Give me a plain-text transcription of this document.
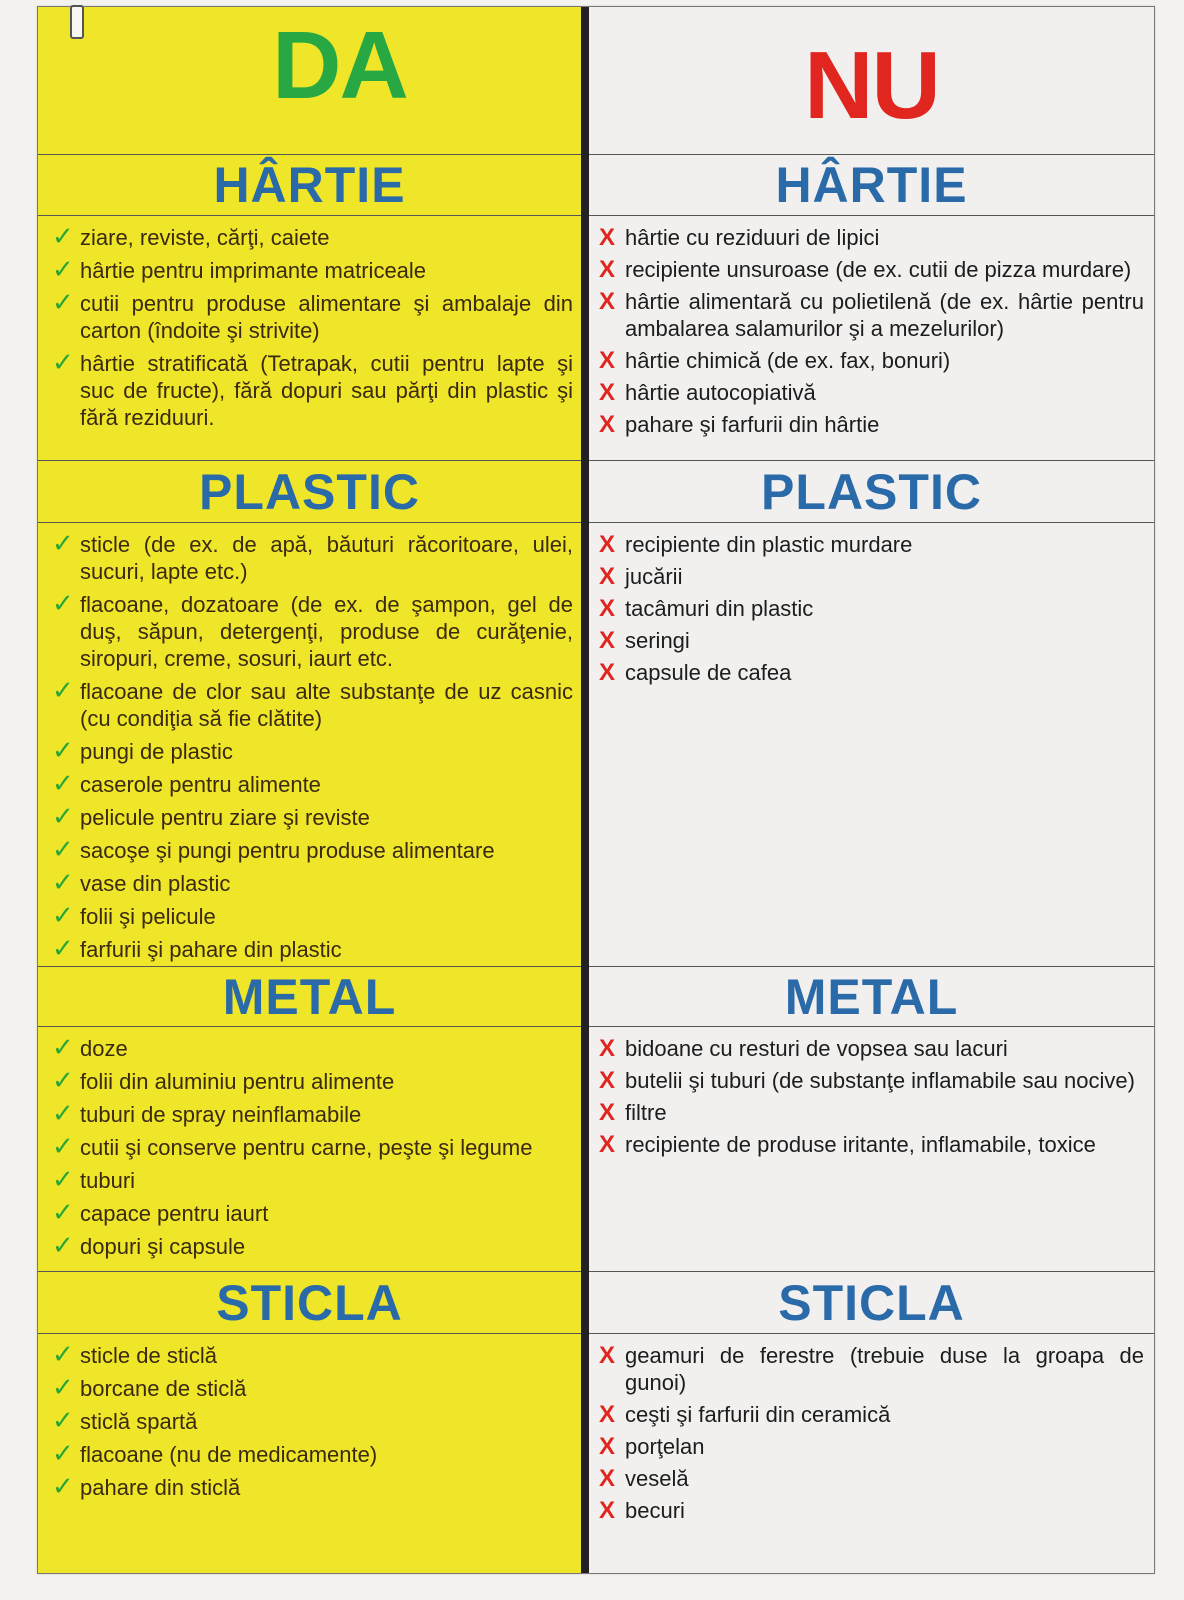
DA
HÂRTIE
✓ ziare, reviste, cărţi, caiete
✓ hârtie pentru imprimante matriceale
✓ cutii pentru produse alimentare şi ambalaje din carton (îndoite şi strivite)
✓ hârtie stratificată (Tetrapak, cutii pentru lapte şi suc de fructe), fără dopuri sau părţi din plastic şi fără reziduuri.
PLASTIC
✓ sticle (de ex. de apă, băuturi răcoritoare, ulei, sucuri, lapte etc.)
✓ flacoane, dozatoare (de ex. de şampon, gel de duş, săpun, detergenţi, produse de curăţenie, siropuri, creme, sosuri, iaurt etc.
✓ flacoane de clor sau alte substanţe de uz casnic (cu condiţia să fie clătite)
✓ pungi de plastic
✓ caserole pentru alimente
✓ pelicule pentru ziare şi reviste
✓ sacoşe şi pungi pentru produse alimentare
✓ vase din plastic
✓ folii şi pelicule
✓ farfurii şi pahare din plastic
METAL
✓ doze
✓ folii din aluminiu pentru alimente
✓ tuburi de spray neinflamabile
✓ cutii şi conserve pentru carne, peşte şi legume
✓ tuburi
✓ capace pentru iaurt
✓ dopuri şi capsule
STICLA
✓ sticle de sticlă
✓ borcane de sticlă
✓ sticlă spartă
✓ flacoane (nu de medicamente)
✓ pahare din sticlă
NU
HÂRTIE
X hârtie cu reziduuri de lipici
X recipiente unsuroase (de ex. cutii de pizza murdare)
X hârtie alimentară cu polietilenă (de ex. hârtie pentru ambalarea salamurilor şi a mezelurilor)
X hârtie chimică (de ex. fax, bonuri)
X hârtie autocopiativă
X pahare şi farfurii din hârtie
PLASTIC
X recipiente din plastic murdare
X jucării
X tacâmuri din plastic
X seringi
X capsule de cafea
METAL
X bidoane cu resturi de vopsea sau lacuri
X butelii şi tuburi (de substanţe inflamabile sau nocive)
X filtre
X recipiente de produse iritante, inflamabile, toxice
STICLA
X geamuri de ferestre (trebuie duse la groapa de gunoi)
X ceşti şi farfurii din ceramică
X porţelan
X veselă
X becuri
